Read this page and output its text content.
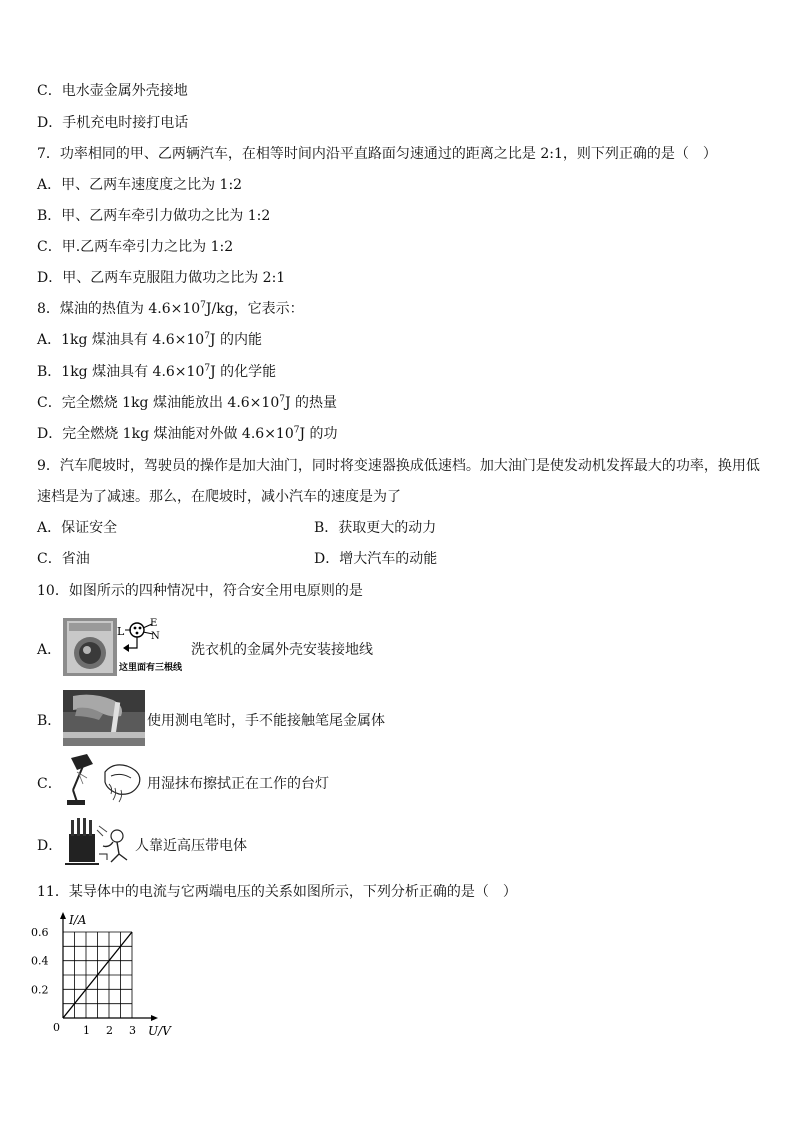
C．电水壶金属外壳接地
D．手机充电时接打电话
7．功率相同的甲、乙两辆汽车，在相等时间内沿平直路面匀速通过的距离之比是 2:1，则下列正确的是（　）
A．甲、乙两车速度度之比为 1:2
B．甲、乙两车牵引力做功之比为 1:2
C．甲.乙两车牵引力之比为 1:2
D．甲、乙两车克服阻力做功之比为 2:1
8．煤油的热值为 $4.6\times 10^7J/kg$，它表示：
A．1kg 煤油具有 $4.6\times 10^7J$ 的内能
B．1kg 煤油具有 $4.6\times 10^7J$ 的化学能
C．完全燃烧 1kg 煤油能放出 $4.6\times 10^7J$ 的热量
D．完全燃烧 1kg 煤油能对外做 $4.6\times 10^7J$ 的功
9．汽车爬坡时，驾驶员的操作是加大油门，同时将变速器换成低速档。加大油门是使发动机发挥最大的功率，换用低
速档是为了减速。那么，在爬坡时，减小汽车的速度是为了
A．保证安全	B．获取更大的动力
C．省油	D．增大汽车的动能
10．如图所示的四种情况中，符合安全用电原则的是
A．
L
E
N
这里面有三根线
洗衣机的金属外壳安装接地线
B．	使用测电笔时，手不能接触笔尾金属体
C．	用湿抹布擦拭正在工作的台灯
D．	人靠近高压带电体
11．某导体中的电流与它两端电压的关系如图所示，下列分析正确的是（　）
0 1 2 3
0.2
0.4
0.6
I/A
U/V
